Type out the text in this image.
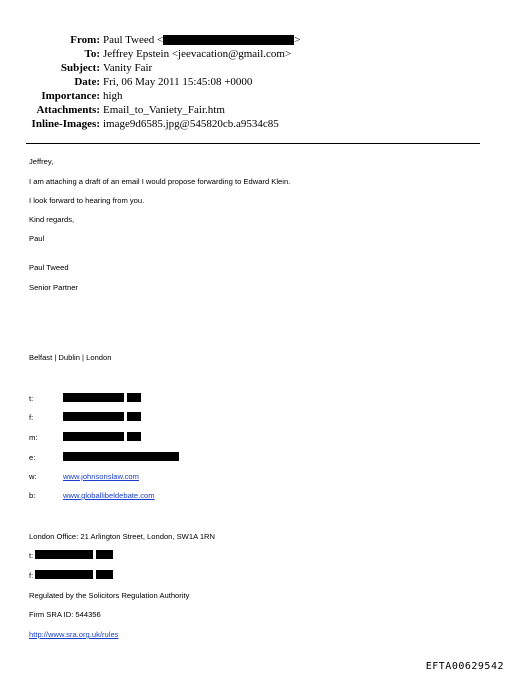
From: Paul Tweed <	>
To: Jeffrey Epstein <jeevacation@gmail.com>
Subject: Vanity Fair
Date: Fri, 06 May 2011 15:45:08 +0000
Importance: high
Attachments: Email_to_Vaniety_Fair.htm
Inline-Images: image9d6585.jpg@545820cb.a9534c85
Jeffrey,
I am attaching a draft of an email I would propose forwarding to Edward Klein.
I look forward to hearing from you.
Kind regards,
Paul
Paul Tweed
Senior Partner
Belfast | Dublin | London
t:
f:
m:
e:
w:	www.johnsonslaw.com
b:	www.globallibeldebate.com
London Office: 21 Arlington Street, London, SW1A 1RN
t:
f:
Regulated by the Solicitors Regulation Authority
Firm SRA ID: 544356
http://www.sra.org.uk/rules
EFTA00629542
